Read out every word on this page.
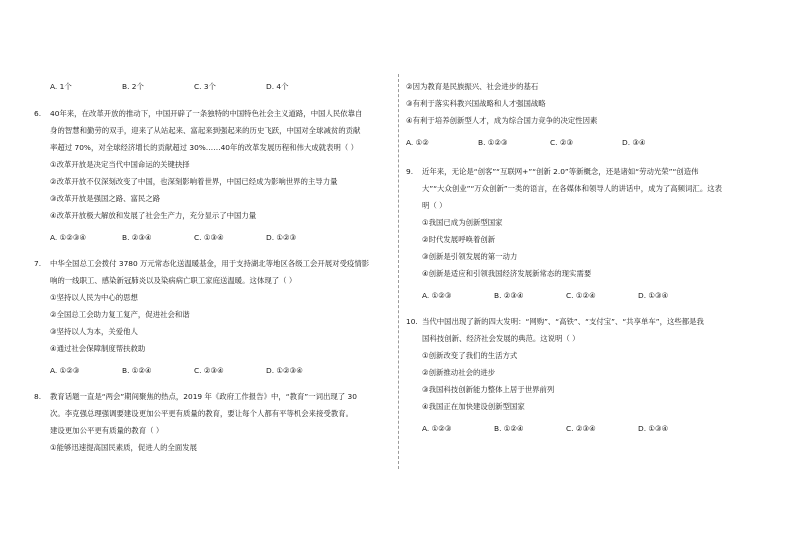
A. 1个	B. 2个	C. 3个	D. 4个
6.	40年来，在改革开放的推动下，中国开辟了一条独特的中国特色社会主义道路，中国人民依靠自
身的智慧和勤劳的双手，迎来了从站起来、富起来到强起来的历史飞跃，中国对全球减贫的贡献
率超过 70%，对全球经济增长的贡献超过 30%……40年的改革发展历程和伟大成就表明（ ）
①改革开放是决定当代中国命运的关键抉择
②改革开放不仅深刻改变了中国，也深刻影响着世界，中国已经成为影响世界的主导力量
③改革开放是强国之路、富民之路
④改革开放极大解放和发展了社会生产力，充分显示了中国力量
A. ①②③④	B. ②③④	C. ①③④	D. ①②③
7.	中华全国总工会拨付 3780 万元常态化送温暖基金，用于支持湖北等地区各级工会开展对受疫情影
响的一线职工、感染新冠肺炎以及染病病亡职工家庭送温暖。这体现了（ ）
①坚持以人民为中心的思想
②全国总工会助力复工复产，促进社会和谐
③坚持以人为本，关爱他人
④通过社会保障制度帮扶救助
A. ①②③	B. ①②④	C. ②③④	D. ①②③④
8.	教育话题一直是“两会”期间聚焦的热点，2019 年《政府工作报告》中，“教育”一词出现了 30
次。李克强总理强调要建设更加公平更有质量的教育，要让每个人都有平等机会来接受教育。
建设更加公平更有质量的教育（ ）
①能够迅速提高国民素质，促进人的全面发展
②因为教育是民族振兴、社会进步的基石
③有利于落实科教兴国战略和人才强国战略
④有利于培养创新型人才，成为综合国力竞争的决定性因素
A. ①②	B. ①②③	C. ②③	D. ③④
9.	近年来，无论是“创客”“互联网+”“创新 2.0”等新概念，还是诸如“劳动光荣”“创造伟
大”“大众创业”“万众创新”一类的语言，在各媒体和领导人的讲话中，成为了高频词汇。这表
明（ ）
①我国已成为创新型国家
②时代发展呼唤着创新
③创新是引领发展的第一动力
④创新是适应和引领我国经济发展新常态的现实需要
A. ①②③	B. ②③④	C. ①②④	D. ①③④
10. 当代中国出现了新的四大发明：“网购”、“高铁”、“支付宝”、“共享单车”，这些都是我
国科技创新、经济社会发展的典范。这说明（ ）
①创新改变了我们的生活方式
②创新推动社会的进步
③我国科技创新能力整体上居于世界前列
④我国正在加快建设创新型国家
A. ①②③	B. ①②④	C. ②③④	D. ①③④
